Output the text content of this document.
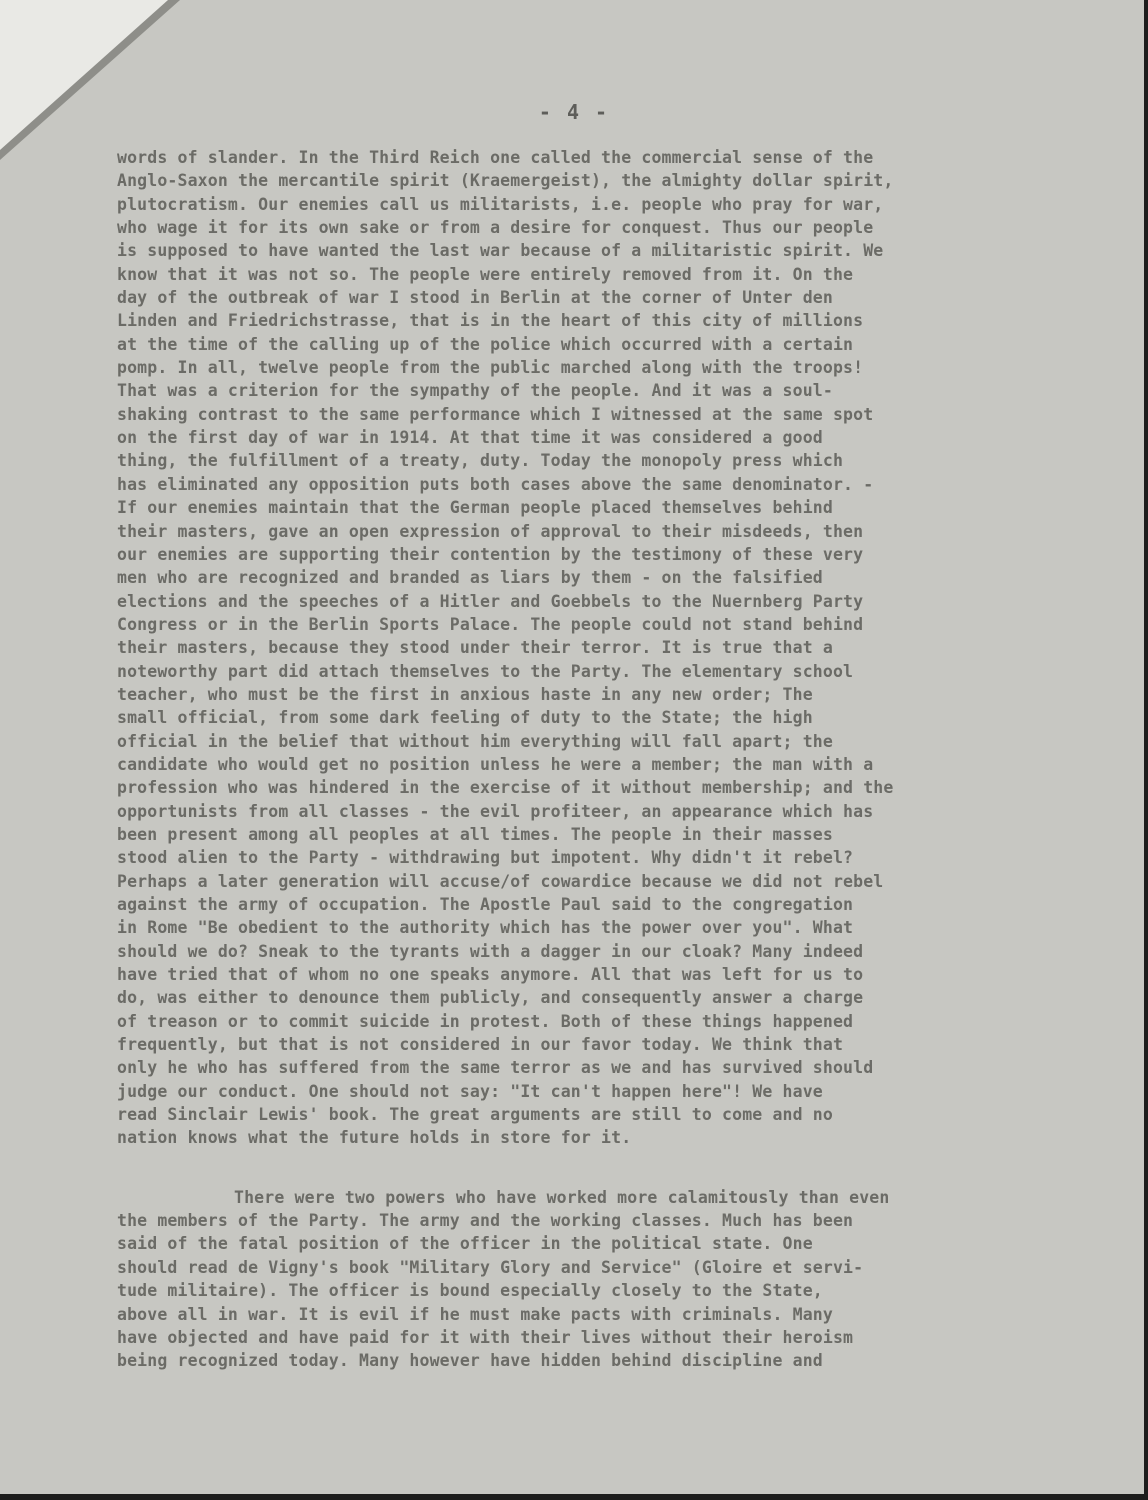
- 4 -
words of slander. In the Third Reich one called the commercial sense of the
Anglo-Saxon the mercantile spirit (Kraemergeist), the almighty dollar spirit,
plutocratism. Our enemies call us militarists, i.e. people who pray for war,
who wage it for its own sake or from a desire for conquest. Thus our people
is supposed to have wanted the last war because of a militaristic spirit. We
know that it was not so. The people were entirely removed from it. On the
day of the outbreak of war I stood in Berlin at the corner of Unter den
Linden and Friedrichstrasse, that is in the heart of this city of millions
at the time of the calling up of the police which occurred with a certain
pomp. In all, twelve people from the public marched along with the troops!
That was a criterion for the sympathy of the people. And it was a soul-
shaking contrast to the same performance which I witnessed at the same spot
on the first day of war in 1914. At that time it was considered a good
thing, the fulfillment of a treaty, duty. Today the monopoly press which
has eliminated any opposition puts both cases above the same denominator. -
If our enemies maintain that the German people placed themselves behind
their masters, gave an open expression of approval to their misdeeds, then
our enemies are supporting their contention by the testimony of these very
men who are recognized and branded as liars by them - on the falsified
elections and the speeches of a Hitler and Goebbels to the Nuernberg Party
Congress or in the Berlin Sports Palace. The people could not stand behind
their masters, because they stood under their terror. It is true that a
noteworthy part did attach themselves to the Party. The elementary school
teacher, who must be the first in anxious haste in any new order; The
small official, from some dark feeling of duty to the State; the high
official in the belief that without him everything will fall apart; the
candidate who would get no position unless he were a member; the man with a
profession who was hindered in the exercise of it without membership; and the
opportunists from all classes - the evil profiteer, an appearance which has
been present among all peoples at all times. The people in their masses
stood alien to the Party - withdrawing but impotent. Why didn't it rebel?
Perhaps a later generation will accuse/of cowardice because we did not rebel
against the army of occupation. The Apostle Paul said to the congregation
in Rome "Be obedient to the authority which has the power over you". What
should we do? Sneak to the tyrants with a dagger in our cloak? Many indeed
have tried that of whom no one speaks anymore. All that was left for us to
do, was either to denounce them publicly, and consequently answer a charge
of treason or to commit suicide in protest. Both of these things happened
frequently, but that is not considered in our favor today. We think that
only he who has suffered from the same terror as we and has survived should
judge our conduct. One should not say: "It can't happen here"! We have
read Sinclair Lewis' book. The great arguments are still to come and no
nation knows what the future holds in store for it.
There were two powers who have worked more calamitously than even
the members of the Party. The army and the working classes. Much has been
said of the fatal position of the officer in the political state. One
should read de Vigny's book "Military Glory and Service" (Gloire et servi-
tude militaire). The officer is bound especially closely to the State,
above all in war. It is evil if he must make pacts with criminals. Many
have objected and have paid for it with their lives without their heroism
being recognized today. Many however have hidden behind discipline and
